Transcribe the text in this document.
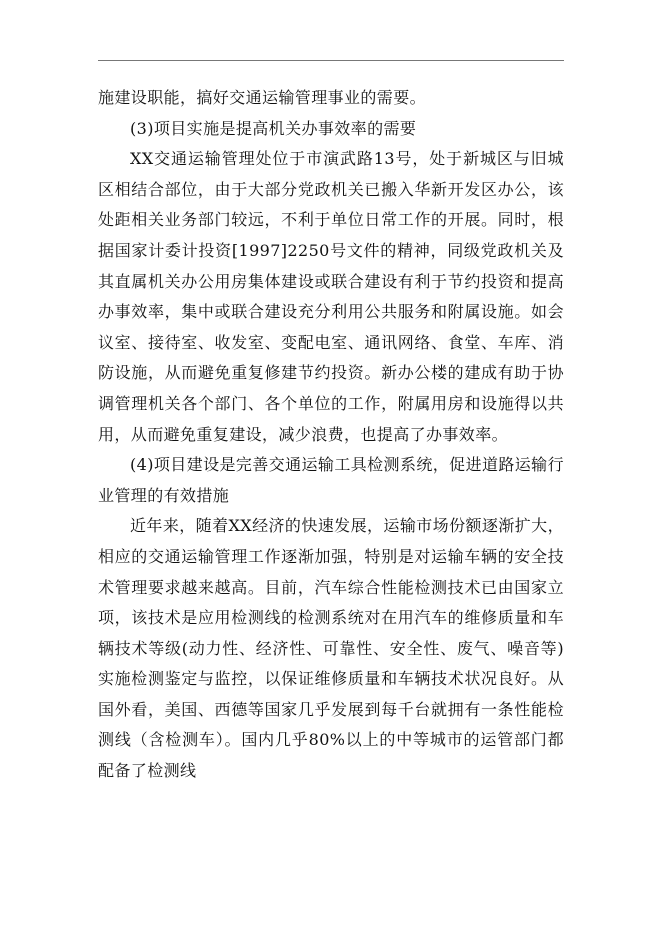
施建设职能，搞好交通运输管理事业的需要。

(3)项目实施是提高机关办事效率的需要

XX交通运输管理处位于市演武路13号，处于新城区与旧城区相结合部位，由于大部分党政机关已搬入华新开发区办公，该处距相关业务部门较远，不利于单位日常工作的开展。同时，根据国家计委计投资[1997]2250号文件的精神，同级党政机关及其直属机关办公用房集体建设或联合建设有利于节约投资和提高办事效率，集中或联合建设充分利用公共服务和附属设施。如会议室、接待室、收发室、变配电室、通讯网络、食堂、车库、消防设施，从而避免重复修建节约投资。新办公楼的建成有助于协调管理机关各个部门、各个单位的工作，附属用房和设施得以共用，从而避免重复建设，减少浪费，也提高了办事效率。

(4)项目建设是完善交通运输工具检测系统，促进道路运输行业管理的有效措施

近年来，随着XX经济的快速发展，运输市场份额逐渐扩大，相应的交通运输管理工作逐渐加强，特别是对运输车辆的安全技术管理要求越来越高。目前，汽车综合性能检测技术已由国家立项，该技术是应用检测线的检测系统对在用汽车的维修质量和车辆技术等级(动力性、经济性、可靠性、安全性、废气、噪音等)实施检测鉴定与监控，以保证维修质量和车辆技术状况良好。从国外看，美国、西德等国家几乎发展到每千台就拥有一条性能检测线（含检测车）。国内几乎80%以上的中等城市的运管部门都配备了检测线
